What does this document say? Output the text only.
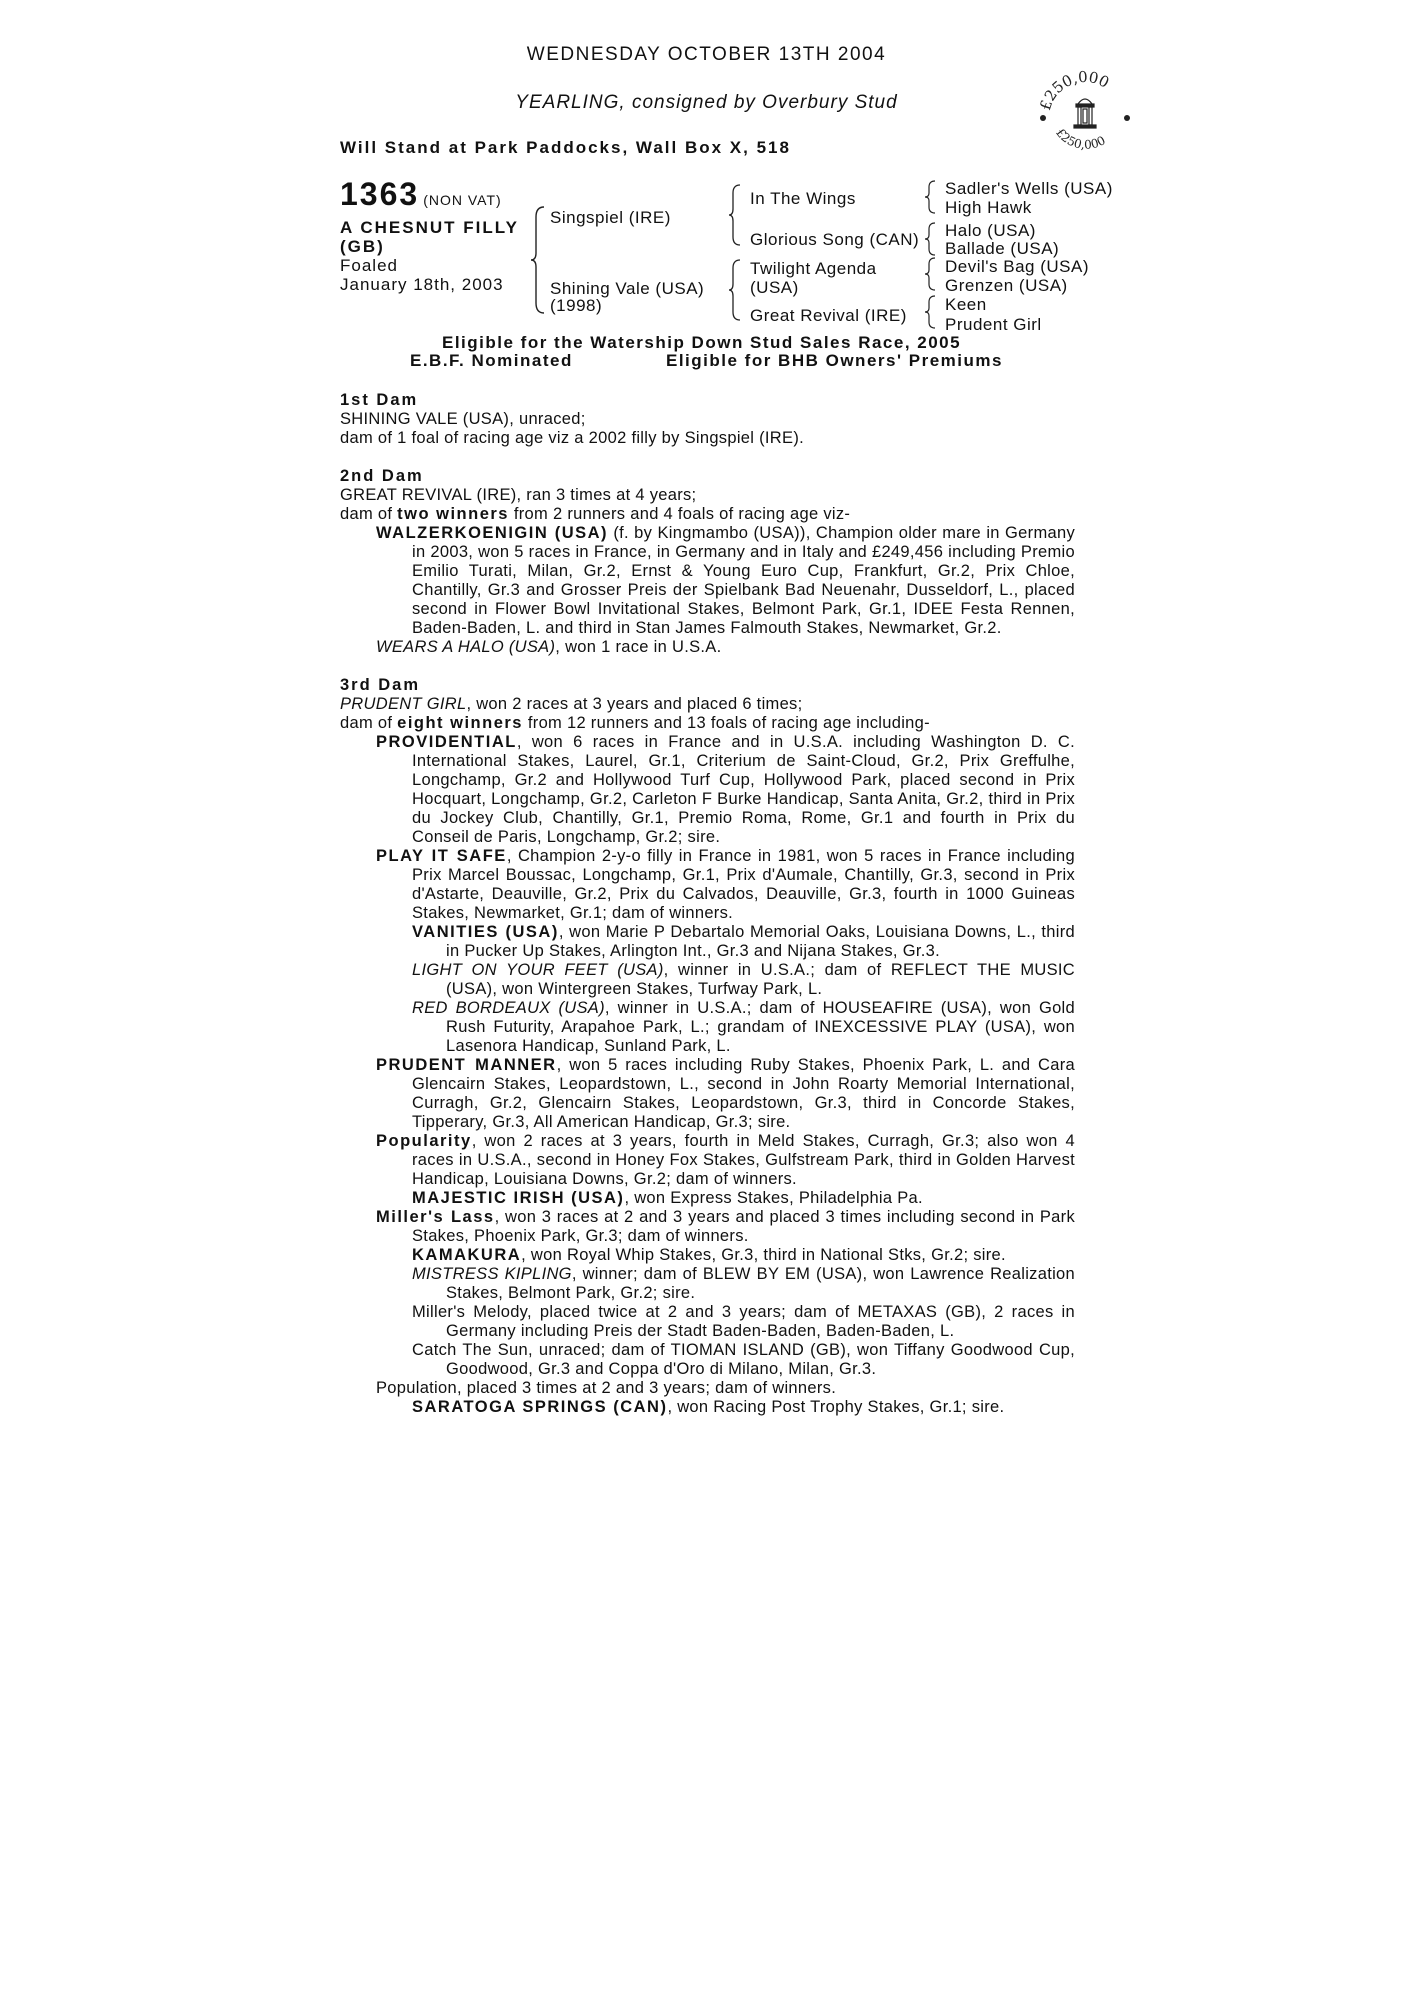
WEDNESDAY OCTOBER 13TH 2004
YEARLING, consigned by Overbury Stud
Will Stand at Park Paddocks, Wall Box X, 518
£250,000
£250,000
1363 (NON VAT)
A CHESNUT FILLY
(GB)
Foaled
January 18th, 2003
Singspiel (IRE)
Shining Vale (USA)
(1998)
In The Wings
Glorious Song (CAN)
Twilight Agenda
(USA)
Great Revival (IRE)
Sadler's Wells (USA)
High Hawk
Halo (USA)
Ballade (USA)
Devil's Bag (USA)
Grenzen (USA)
Keen
Prudent Girl
Eligible for the Watership Down Stud Sales Race, 2005
E.B.F. Nominated	Eligible for BHB Owners' Premiums

1st Dam

SHINING VALE (USA), unraced;

dam of 1 foal of racing age viz a 2002 filly by Singspiel (IRE).

2nd Dam

GREAT REVIVAL (IRE), ran 3 times at 4 years;

dam of two winners from 2 runners and 4 foals of racing age viz-

WALZERKOENIGIN (USA) (f. by Kingmambo (USA)), Champion older mare in Germany in 2003, won 5 races in France, in Germany and in Italy and £249,456 including Premio Emilio Turati, Milan, Gr.2, Ernst & Young Euro Cup, Frankfurt, Gr.2, Prix Chloe, Chantilly, Gr.3 and Grosser Preis der Spielbank Bad Neuenahr, Dusseldorf, L., placed second in Flower Bowl Invitational Stakes, Belmont Park, Gr.1, IDEE Festa Rennen, Baden-Baden, L. and third in Stan James Falmouth Stakes, Newmarket, Gr.2.

WEARS A HALO (USA), won 1 race in U.S.A.

3rd Dam

PRUDENT GIRL, won 2 races at 3 years and placed 6 times;

dam of eight winners from 12 runners and 13 foals of racing age including-

PROVIDENTIAL, won 6 races in France and in U.S.A. including Washington D. C. International Stakes, Laurel, Gr.1, Criterium de Saint-Cloud, Gr.2, Prix Greffulhe, Longchamp, Gr.2 and Hollywood Turf Cup, Hollywood Park, placed second in Prix Hocquart, Longchamp, Gr.2, Carleton F Burke Handicap, Santa Anita, Gr.2, third in Prix du Jockey Club, Chantilly, Gr.1, Premio Roma, Rome, Gr.1 and fourth in Prix du Conseil de Paris, Longchamp, Gr.2; sire.

PLAY IT SAFE, Champion 2-y-o filly in France in 1981, won 5 races in France including Prix Marcel Boussac, Longchamp, Gr.1, Prix d'Aumale, Chantilly, Gr.3, second in Prix d'Astarte, Deauville, Gr.2, Prix du Calvados, Deauville, Gr.3, fourth in 1000 Guineas Stakes, Newmarket, Gr.1; dam of winners.

VANITIES (USA), won Marie P Debartalo Memorial Oaks, Louisiana Downs, L., third in Pucker Up Stakes, Arlington Int., Gr.3 and Nijana Stakes, Gr.3.

LIGHT ON YOUR FEET (USA), winner in U.S.A.; dam of REFLECT THE MUSIC (USA), won Wintergreen Stakes, Turfway Park, L.

RED BORDEAUX (USA), winner in U.S.A.; dam of HOUSEAFIRE (USA), won Gold Rush Futurity, Arapahoe Park, L.; grandam of INEXCESSIVE PLAY (USA), won Lasenora Handicap, Sunland Park, L.

PRUDENT MANNER, won 5 races including Ruby Stakes, Phoenix Park, L. and Cara Glencairn Stakes, Leopardstown, L., second in John Roarty Memorial International, Curragh, Gr.2, Glencairn Stakes, Leopardstown, Gr.3, third in Concorde Stakes, Tipperary, Gr.3, All American Handicap, Gr.3; sire.

Popularity, won 2 races at 3 years, fourth in Meld Stakes, Curragh, Gr.3; also won 4 races in U.S.A., second in Honey Fox Stakes, Gulfstream Park, third in Golden Harvest Handicap, Louisiana Downs, Gr.2; dam of winners.

MAJESTIC IRISH (USA), won Express Stakes, Philadelphia Pa.

Miller's Lass, won 3 races at 2 and 3 years and placed 3 times including second in Park Stakes, Phoenix Park, Gr.3; dam of winners.

KAMAKURA, won Royal Whip Stakes, Gr.3, third in National Stks, Gr.2; sire.

MISTRESS KIPLING, winner; dam of BLEW BY EM (USA), won Lawrence Realization Stakes, Belmont Park, Gr.2; sire.

Miller's Melody, placed twice at 2 and 3 years; dam of METAXAS (GB), 2 races in Germany including Preis der Stadt Baden-Baden, Baden-Baden, L.

Catch The Sun, unraced; dam of TIOMAN ISLAND (GB), won Tiffany Goodwood Cup, Goodwood, Gr.3 and Coppa d'Oro di Milano, Milan, Gr.3.

Population, placed 3 times at 2 and 3 years; dam of winners.

SARATOGA SPRINGS (CAN), won Racing Post Trophy Stakes, Gr.1; sire.
